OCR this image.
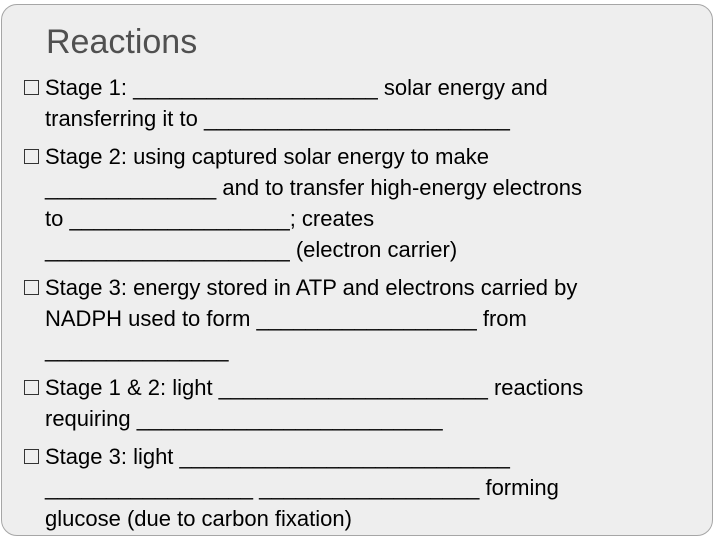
Reactions
Stage 1: ____________________ solar energy and
transferring it to _________________________
Stage 2: using captured solar energy to make
______________ and to transfer high-energy electrons
to __________________; creates
____________________ (electron carrier)
Stage 3: energy stored in ATP and electrons carried by
NADPH used to form __________________ from
_______________
Stage 1 & 2: light ______________________ reactions
requiring _________________________
Stage 3: light ___________________________
_________________ __________________ forming
glucose (due to carbon fixation)
